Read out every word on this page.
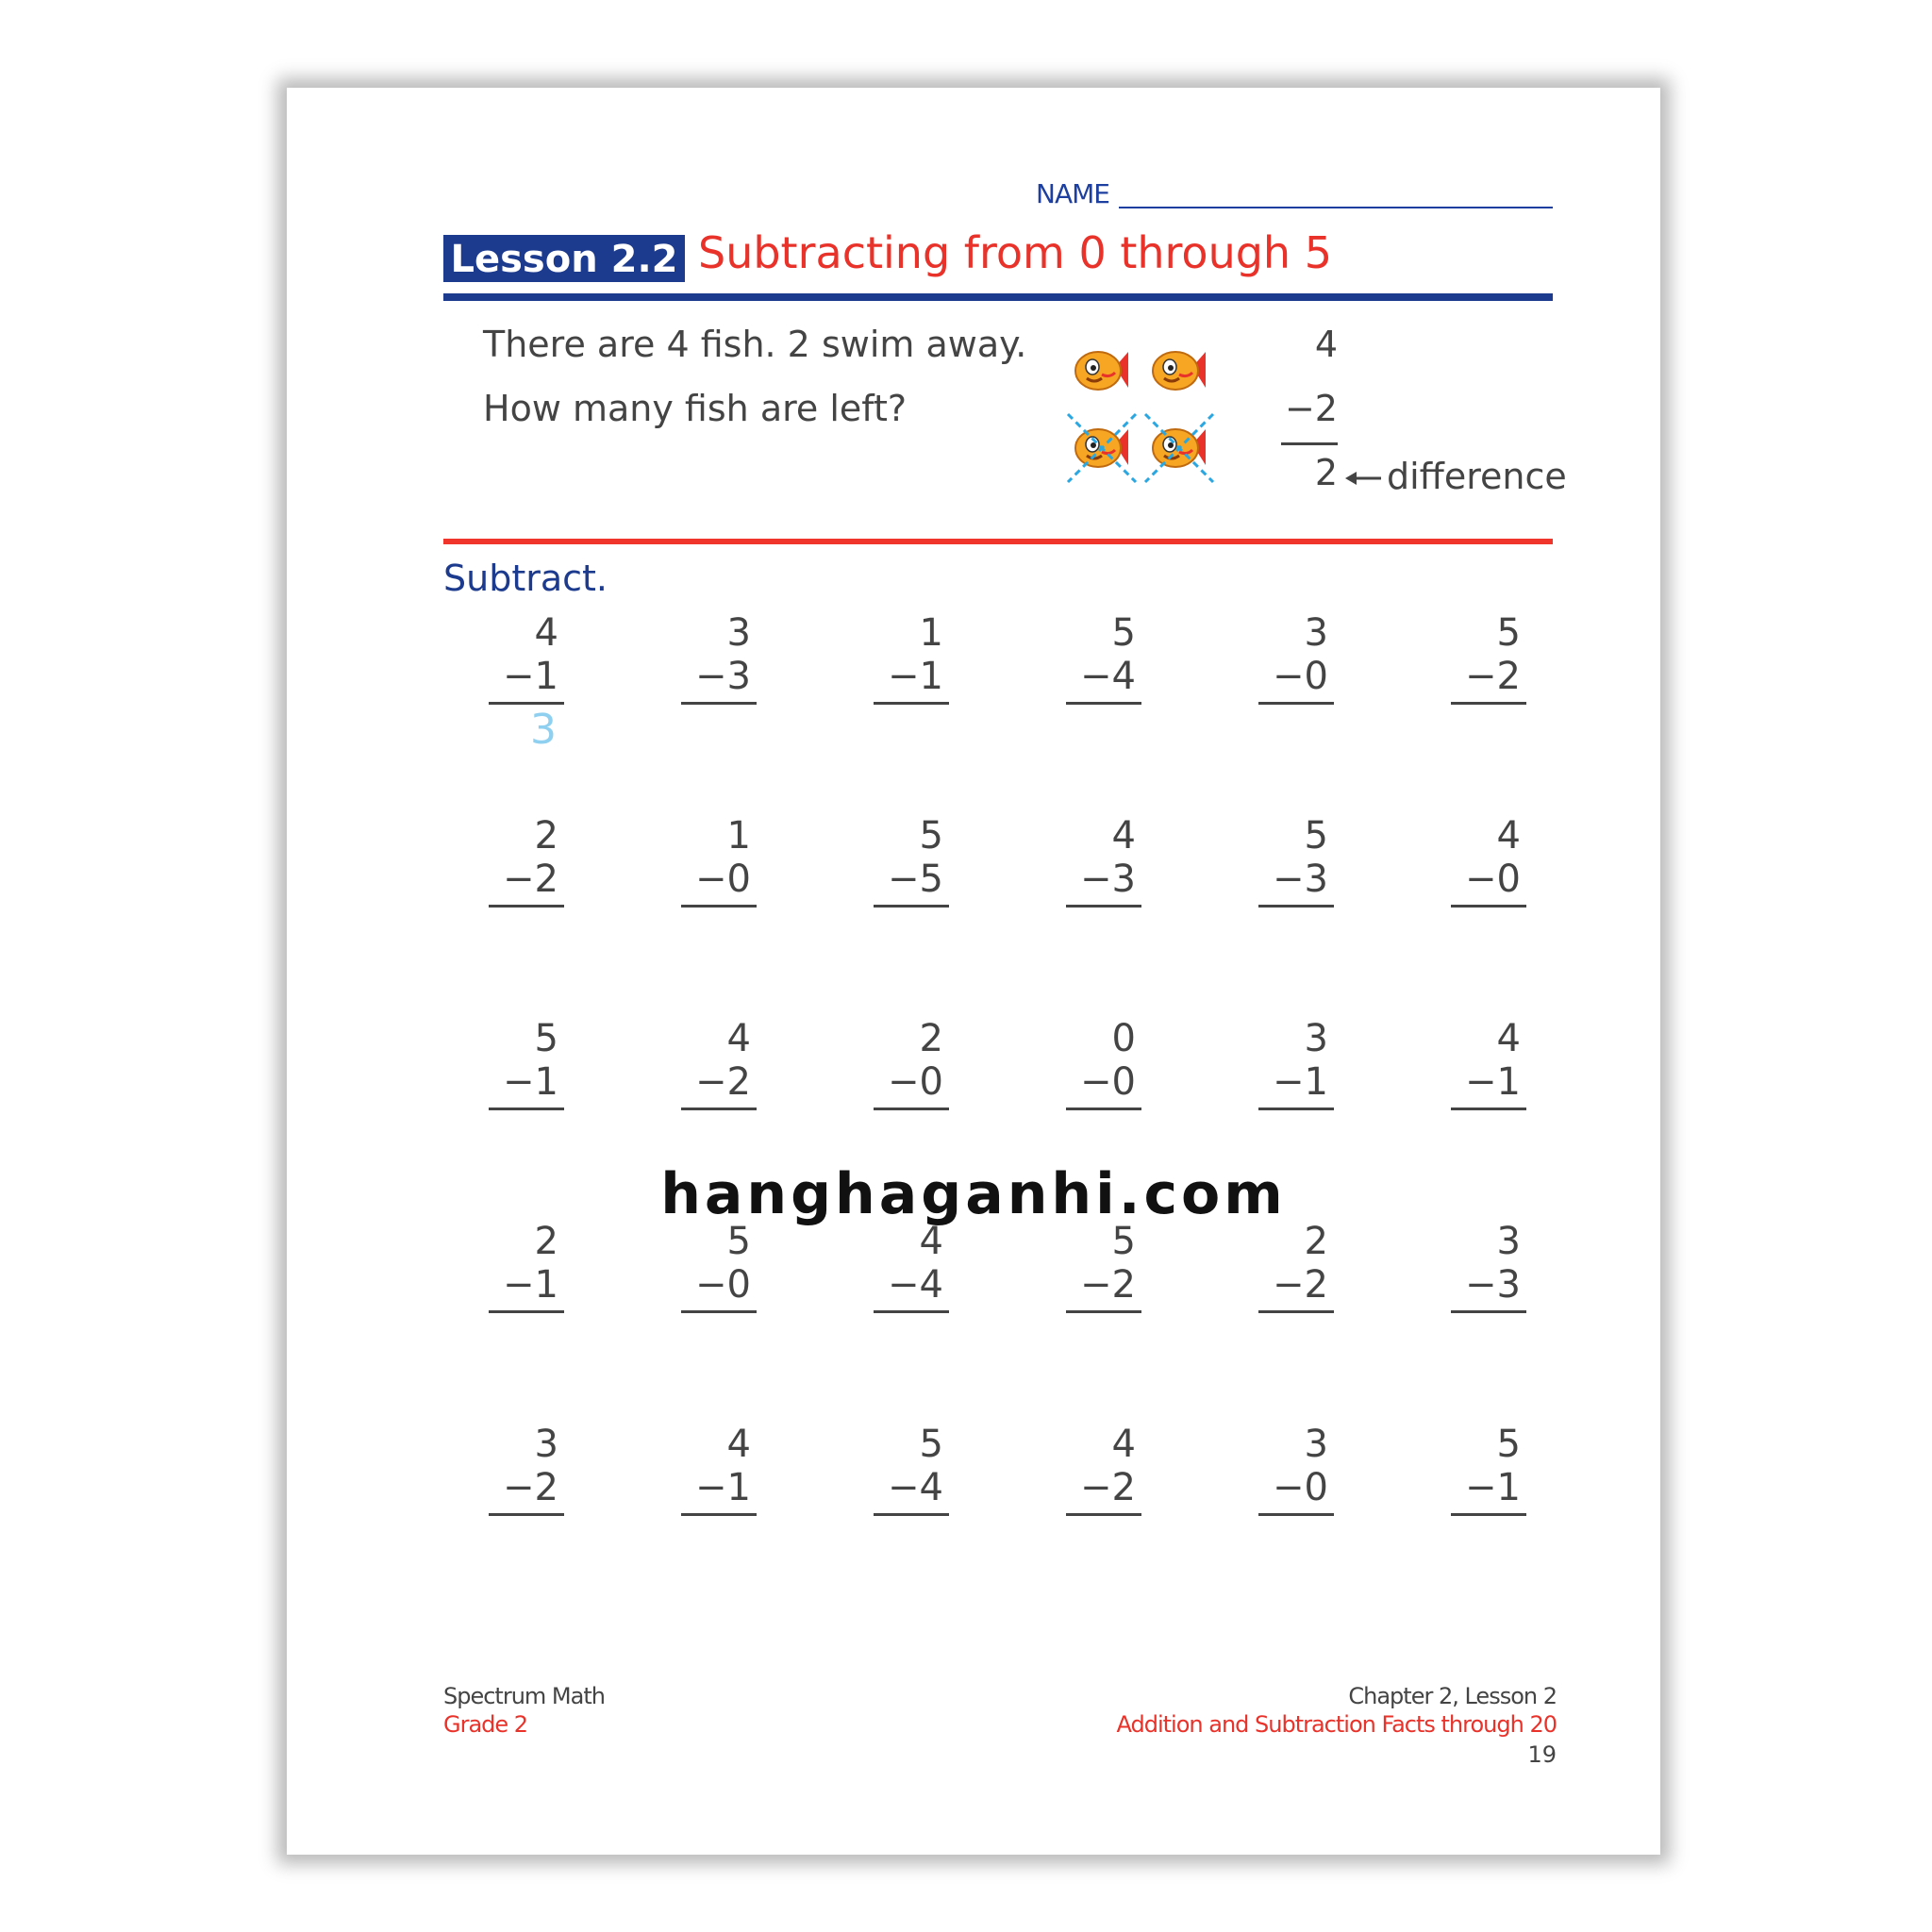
NAME
Lesson 2.2 Subtracting from 0 through 5
There are 4 fish. 2 swim away.
How many fish are left?
4
−2
2 difference
Subtract.
4
−1
3
3
−3
1
−1
5
−4
3
−0
5
−2
2
−2
1
−0
5
−5
4
−3
5
−3
4
−0
5
−1
4
−2
2
−0
0
−0
3
−1
4
−1
2
−1
5
−0
4
−4
5
−2
2
−2
3
−3
3
−2
4
−1
5
−4
4
−2
3
−0
5
−1
hanghaganhi.com
Spectrum Math
Grade 2
Chapter 2, Lesson 2
Addition and Subtraction Facts through 20
19
